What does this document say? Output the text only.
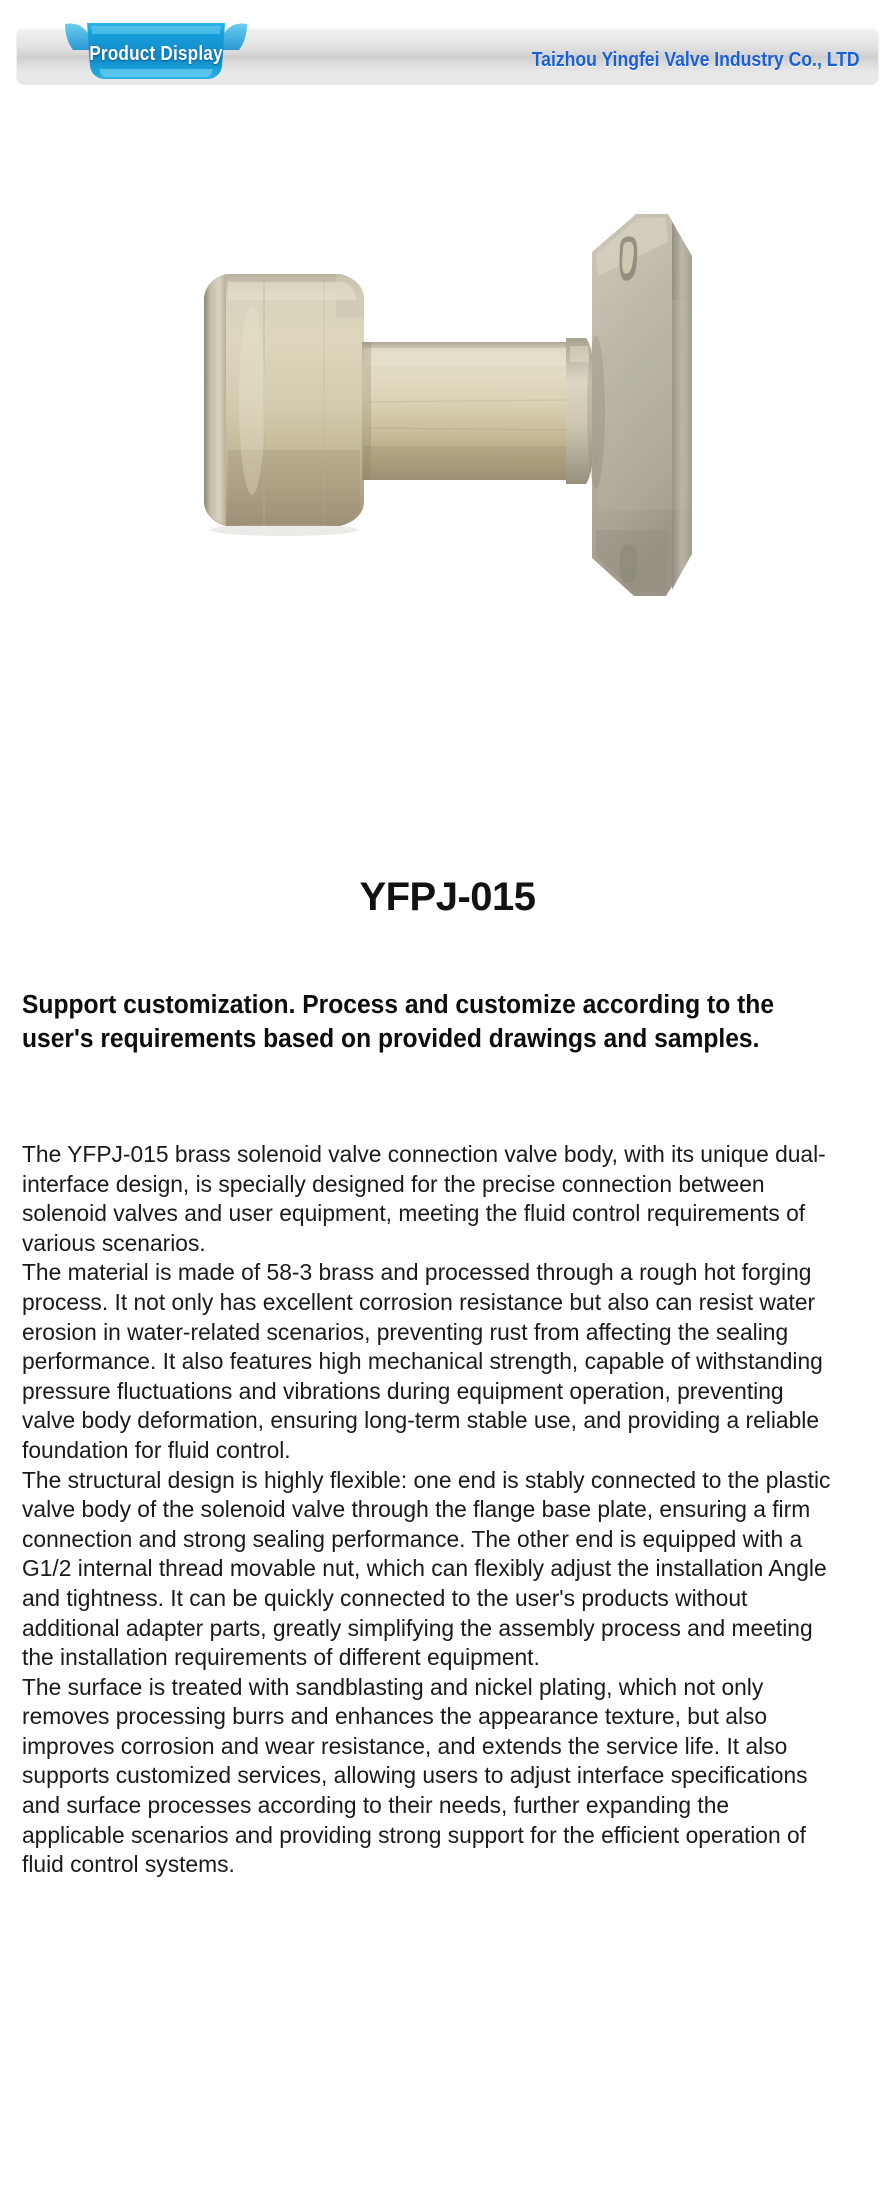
Product Display	Taizhou Yingfei Valve Industry Co., LTD
YFPJ-015
Support customization. Process and customize according to the user's requirements based on provided drawings and samples.

The YFPJ-015 brass solenoid valve connection valve body, with its unique dual-interface design, is specially designed for the precise connection between solenoid valves and user equipment, meeting the fluid control requirements of various scenarios.

The material is made of 58-3 brass and processed through a rough hot forging process. It not only has excellent corrosion resistance but also can resist water erosion in water-related scenarios, preventing rust from affecting the sealing performance. It also features high mechanical strength, capable of withstanding pressure fluctuations and vibrations during equipment operation, preventing valve body deformation, ensuring long-term stable use, and providing a reliable foundation for fluid control.

The structural design is highly flexible: one end is stably connected to the plastic valve body of the solenoid valve through the flange base plate, ensuring a firm connection and strong sealing performance. The other end is equipped with a G1/2 internal thread movable nut, which can flexibly adjust the installation Angle and tightness. It can be quickly connected to the user's products without additional adapter parts, greatly simplifying the assembly process and meeting the installation requirements of different equipment.

The surface is treated with sandblasting and nickel plating, which not only removes processing burrs and enhances the appearance texture, but also improves corrosion and wear resistance, and extends the service life. It also supports customized services, allowing users to adjust interface specifications and surface processes according to their needs, further expanding the applicable scenarios and providing strong support for the efficient operation of fluid control systems.
